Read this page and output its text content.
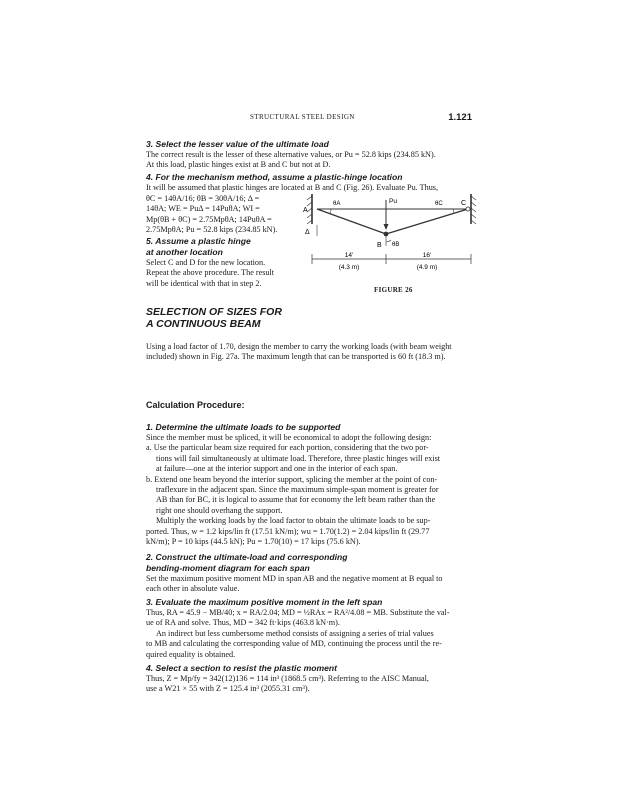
STRUCTURAL STEEL DESIGN	1.121
3. Select the lesser value of the ultimate load
The correct result is the lesser of these alternative values, or Pu = 52.8 kips (234.85 kN).
At this load, plastic hinges exist at B and C but not at D.
4. For the mechanism method, assume a plastic-hinge location
It will be assumed that plastic hinges are located at B and C (Fig. 26). Evaluate Pu. Thus,
θC = 14θA/16; θB = 30θA/16; Δ =
14θA; WE = PuΔ = 14PuθA; WI =
Mp(θB + θC) = 2.75MpθA; 14PuθA =
2.75MpθA; Pu = 52.8 kips (234.85 kN).
5. Assume a plastic hinge
at another location
Select C and D for the new location.
Repeat the above procedure. The result
will be identical with that in step 2.
A
Δ
θA	Pu	θC	C
B θB
14'
(4.3 m)
16'
(4.9 m)
FIGURE 26
SELECTION OF SIZES FOR
A CONTINUOUS BEAM
Using a load factor of 1.70, design the member to carry the working loads (with beam weight
included) shown in Fig. 27a. The maximum length that can be transported is 60 ft (18.3 m).
Calculation Procedure:
1. Determine the ultimate loads to be supported
Since the member must be spliced, it will be economical to adopt the following design:
a. Use the particular beam size required for each portion, considering that the two por-
tions will fail simultaneously at ultimate load. Therefore, three plastic hinges will exist
at failure—one at the interior support and one in the interior of each span.
b. Extend one beam beyond the interior support, splicing the member at the point of con-
traflexure in the adjacent span. Since the maximum simple-span moment is greater for
AB than for BC, it is logical to assume that for economy the left beam rather than the
right one should overhang the support.
Multiply the working loads by the load factor to obtain the ultimate loads to be sup-
ported. Thus, w = 1.2 kips/lin ft (17.51 kN/m); wu = 1.70(1.2) = 2.04 kips/lin ft (29.77
kN/m); P = 10 kips (44.5 kN); Pu = 1.70(10) = 17 kips (75.6 kN).
2. Construct the ultimate-load and corresponding
bending-moment diagram for each span
Set the maximum positive moment MD in span AB and the negative moment at B equal to
each other in absolute value.
3. Evaluate the maximum positive moment in the left span
Thus, RA = 45.9 − MB/40; x = RA/2.04; MD = ½RAx = RA²/4.08 = MB. Substitute the val-
ue of RA and solve. Thus, MD = 342 ft·kips (463.8 kN·m).
An indirect but less cumbersome method consists of assigning a series of trial values
to MB and calculating the corresponding value of MD, continuing the process until the re-
quired equality is obtained.
4. Select a section to resist the plastic moment
Thus, Z = Mp/fy = 342(12)136 = 114 in³ (1868.5 cm³). Referring to the AISC Manual,
use a W21 × 55 with Z = 125.4 in³ (2055.31 cm³).
